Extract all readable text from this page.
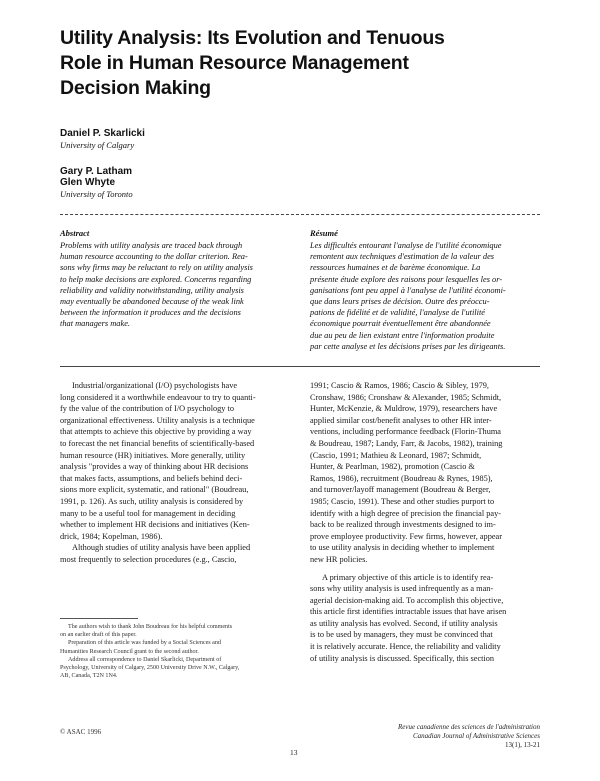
Utility Analysis: Its Evolution and Tenuous
Role in Human Resource Management
Decision Making
Daniel P. Skarlicki
University of Calgary
Gary P. Latham
Glen Whyte
University of Toronto
Abstract
Problems with utility analysis are traced back through
human resource accounting to the dollar criterion. Rea-
sons why firms may be reluctant to rely on utility analysis
to help make decisions are explored. Concerns regarding
reliability and validity notwithstanding, utility analysis
may eventually be abandoned because of the weak link
between the information it produces and the decisions
that managers make.
Résumé
Les difficultés entourant l'analyse de l'utilité économique
remontent aux techniques d'estimation de la valeur des
ressources humaines et de barème économique. La
présente étude explore des raisons pour lesquelles les or-
ganisations font peu appel à l'analyse de l'utilité économi-
que dans leurs prises de décision. Outre des préoccu-
pations de fidélité et de validité, l'analyse de l'utilité
économique pourrait éventuellement être abandonnée
due au peu de lien existant entre l'information produite
par cette analyse et les décisions prises par les dirigeants.
Industrial/organizational (I/O) psychologists have
long considered it a worthwhile endeavour to try to quanti-
fy the value of the contribution of I/O psychology to
organizational effectiveness. Utility analysis is a technique
that attempts to achieve this objective by providing a way
to forecast the net financial benefits of scientifically-based
human resource (HR) initiatives. More generally, utility
analysis "provides a way of thinking about HR decisions
that makes facts, assumptions, and beliefs behind deci-
sions more explicit, systematic, and rational" (Boudreau,
1991, p. 126). As such, utility analysis is considered by
many to be a useful tool for management in deciding
whether to implement HR decisions and initiatives (Ken-
drick, 1984; Kopelman, 1986).
Although studies of utility analysis have been applied
most frequently to selection procedures (e.g., Cascio,
1991; Cascio & Ramos, 1986; Cascio & Sibley, 1979,
Cronshaw, 1986; Cronshaw & Alexander, 1985; Schmidt,
Hunter, McKenzie, & Muldrow, 1979), researchers have
applied similar cost/benefit analyses to other HR inter-
ventions, including performance feedback (Florin-Thuma
& Boudreau, 1987; Landy, Farr, & Jacobs, 1982), training
(Cascio, 1991; Mathieu & Leonard, 1987; Schmidt,
Hunter, & Pearlman, 1982), promotion (Cascio &
Ramos, 1986), recruitment (Boudreau & Rynes, 1985),
and turnover/layoff management (Boudreau & Berger,
1985; Cascio, 1991). These and other studies purport to
identify with a high degree of precision the financial pay-
back to be realized through investments designed to im-
prove employee productivity. Few firms, however, appear
to use utility analysis in deciding whether to implement
new HR policies.
A primary objective of this article is to identify rea-
sons why utility analysis is used infrequently as a man-
agerial decision-making aid. To accomplish this objective,
this article first identifies intractable issues that have arisen
as utility analysis has evolved. Second, if utility analysis
is to be used by managers, they must be convinced that
it is relatively accurate. Hence, the reliability and validity
of utility analysis is discussed. Specifically, this section
The authors wish to thank John Boudreau for his helpful comments
on an earlier draft of this paper.
Preparation of this article was funded by a Social Sciences and
Humanities Research Council grant to the second author.
Address all correspondence to Daniel Skarlicki, Department of
Psychology, University of Calgary, 2500 University Drive N.W., Calgary,
AB, Canada, T2N 1N4.
© ASAC 1996
Revue canadienne des sciences de l'administration
Canadian Journal of Administrative Sciences
13(1), 13-21
13
